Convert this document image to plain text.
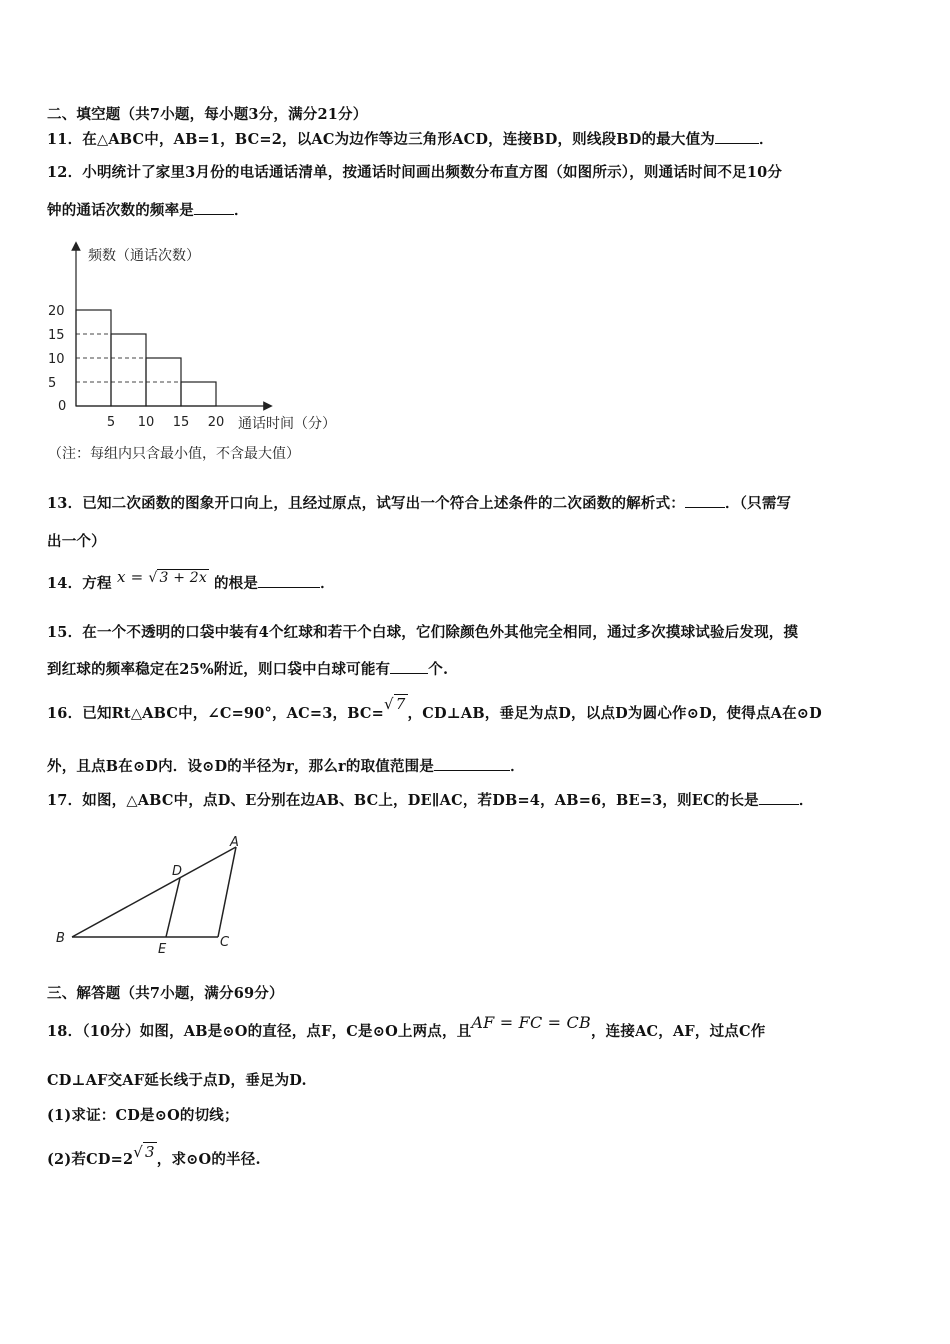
二、填空题（共7小题，每小题3分，满分21分）
11．在△ABC中，AB=1，BC=2，以AC为边作等边三角形ACD，连接BD，则线段BD的最大值为	．
12．小明统计了家里3月份的电话通话清单，按通话时间画出频数分布直方图（如图所示），则通话时间不足10分
钟的通话次数的频率是	．
频数（通话次数）
通话时间（分）
0
20
15
10
5
5 10 15 20
（注：每组内只含最小值，不含最大值）
13．已知二次函数的图象开口向上，且经过原点，试写出一个符合上述条件的二次函数的解析式：	．（只需写
出一个）
14．方程 x = √ 3 + 2x 的根是	．
15．在一个不透明的口袋中装有4个红球和若干个白球，它们除颜色外其他完全相同，通过多次摸球试验后发现，摸
到红球的频率稳定在25%附近，则口袋中白球可能有	个.
16．已知Rt△ABC中，∠C=90°，AC=3，BC=√ 7，CD⊥AB，垂足为点D，以点D为圆心作⊙D，使得点A在⊙D
外，且点B在⊙D内．设⊙D的半径为r，那么r的取值范围是	．
17．如图，△ABC中，点D、E分别在边AB、BC上，DE∥AC，若DB=4，AB=6，BE=3，则EC的长是	．
A
B	C
D
E
三、解答题（共7小题，满分69分）
18．（10分）如图，AB是⊙O的直径，点F，C是⊙O上两点，且AF = FC = CB，连接AC，AF，过点C作
CD⊥AF交AF延长线于点D，垂足为D.
(1)求证：CD是⊙O的切线；
(2)若CD=2√ 3 ，求⊙O的半径.
